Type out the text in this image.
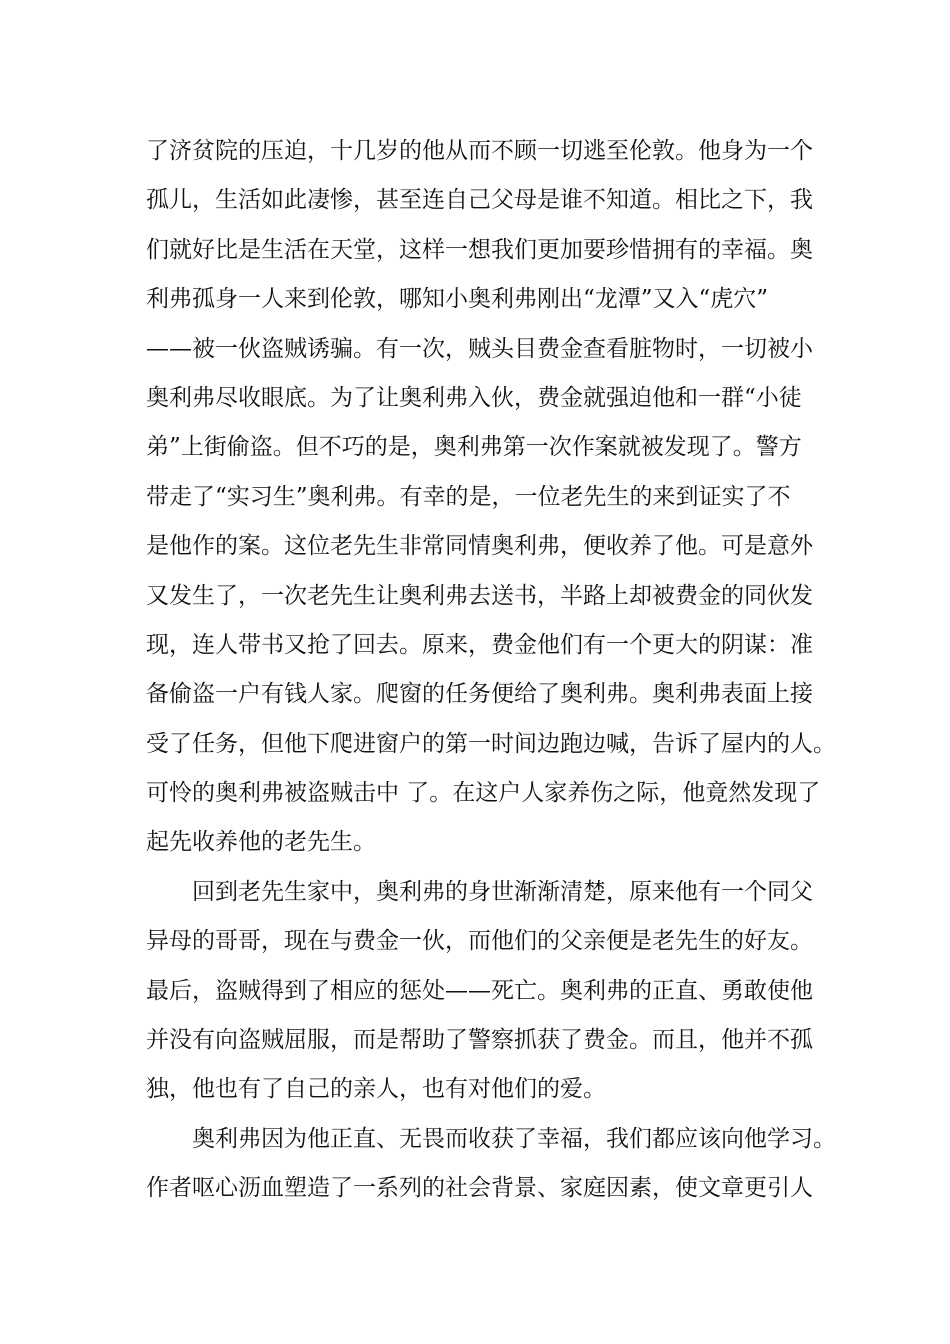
了济贫院的压迫，十几岁的他从而不顾一切逃至伦敦。他身为一个
孤儿，生活如此凄惨，甚至连自己父母是谁不知道。相比之下，我
们就好比是生活在天堂，这样一想我们更加要珍惜拥有的幸福。奥
利弗孤身一人来到伦敦，哪知小奥利弗刚出“龙潭”又入“虎穴”
——被一伙盗贼诱骗。有一次，贼头目费金查看脏物时，一切被小
奥利弗尽收眼底。为了让奥利弗入伙，费金就强迫他和一群“小徒
弟”上街偷盗。但不巧的是，奥利弗第一次作案就被发现了。警方
带走了“实习生”奥利弗。有幸的是，一位老先生的来到证实了不
是他作的案。这位老先生非常同情奥利弗，便收养了他。可是意外
又发生了，一次老先生让奥利弗去送书，半路上却被费金的同伙发
现，连人带书又抢了回去。原来，费金他们有一个更大的阴谋：准
备偷盗一户有钱人家。爬窗的任务便给了奥利弗。奥利弗表面上接
受了任务，但他下爬进窗户的第一时间边跑边喊，告诉了屋内的人。
可怜的奥利弗被盗贼击中 了。在这户人家养伤之际，他竟然发现了
起先收养他的老先生。
回到老先生家中，奥利弗的身世渐渐清楚，原来他有一个同父
异母的哥哥，现在与费金一伙，而他们的父亲便是老先生的好友。
最后，盗贼得到了相应的惩处——死亡。奥利弗的正直、勇敢使他
并没有向盗贼屈服，而是帮助了警察抓获了费金。而且，他并不孤
独，他也有了自己的亲人，也有对他们的爱。
奥利弗因为他正直、无畏而收获了幸福，我们都应该向他学习。
作者呕心沥血塑造了一系列的社会背景、家庭因素，使文章更引人
